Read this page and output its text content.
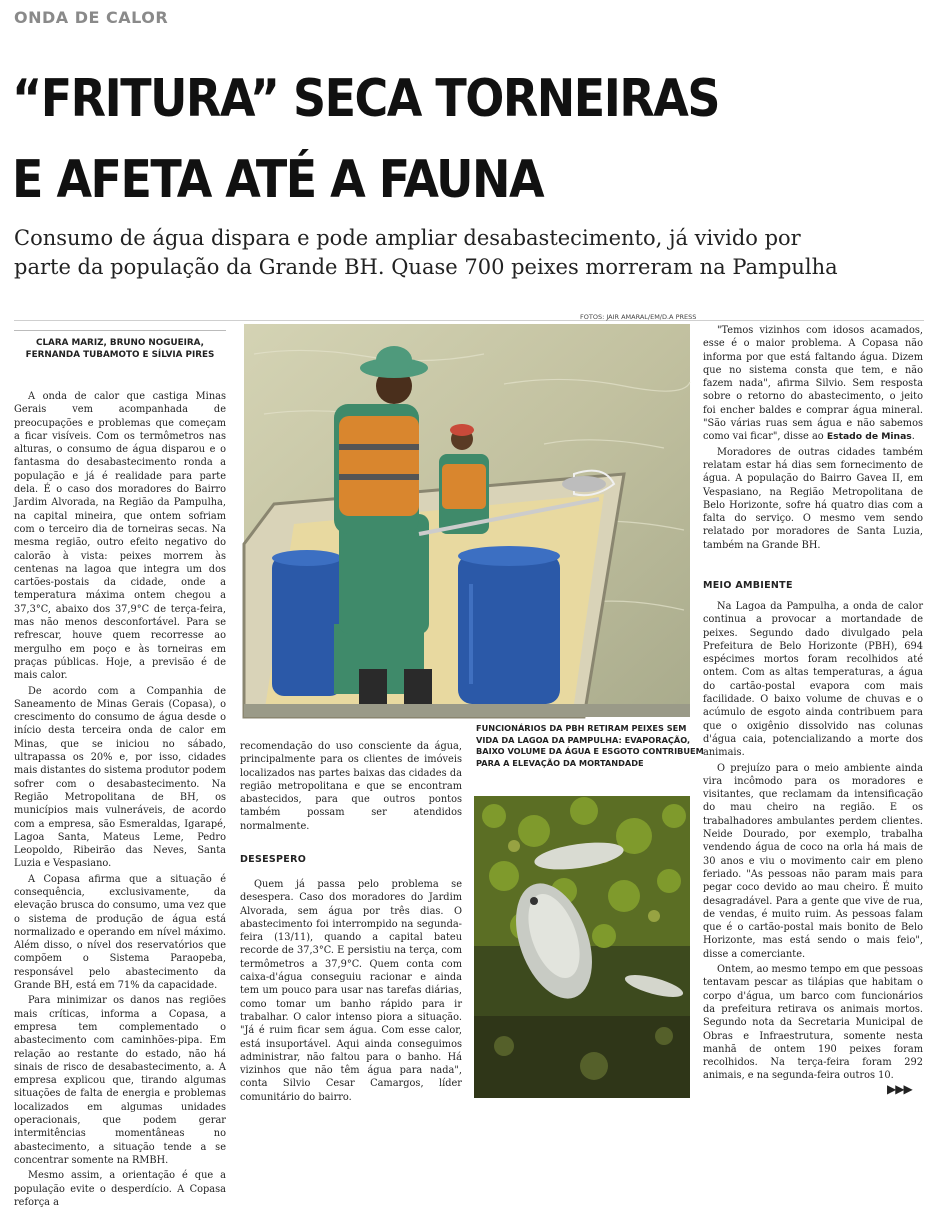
ONDA DE CALOR
“FRITURA” SECA TORNEIRAS
E AFETA ATÉ A FAUNA
Consumo de água dispara e pode ampliar desabastecimento, já vivido por
parte da população da Grande BH. Quase 700 peixes morreram na Pampulha
FOTOS: JAIR AMARAL/EM/D.A PRESS
CLARA MARIZ, BRUNO NOGUEIRA,
FERNANDA TUBAMOTO E SÍLVIA PIRES

A onda de calor que castiga Minas Gerais vem acompanhada de preocupações e problemas que começam a ficar visíveis. Com os termômetros nas alturas, o consumo de água disparou e o fantasma do desabastecimento ronda a população e já é realidade para parte dela. É o caso dos moradores do Bairro Jardim Alvorada, na Região da Pampulha, na capital mineira, que ontem sofriam com o terceiro dia de torneiras secas. Na mesma região, outro efeito negativo do calorão à vista: peixes morrem às centenas na lagoa que integra um dos cartões-postais da cidade, onde a temperatura máxima ontem chegou a 37,3°C, abaixo dos 37,9°C de terça-feira, mas não menos desconfortável. Para se refrescar, houve quem recorresse ao mergulho em poço e às torneiras em praças públicas. Hoje, a previsão é de mais calor.

De acordo com a Companhia de Saneamento de Minas Gerais (Copasa), o crescimento do consumo de água desde o início desta terceira onda de calor em Minas, que se iniciou no sábado, ultrapassa os 20% e, por isso, cidades mais distantes do sistema produtor podem sofrer com o desabastecimento. Na Região Metropolitana de BH, os municípios mais vulneráveis, de acordo com a empresa, são Esmeraldas, Igarapé, Lagoa Santa, Mateus Leme, Pedro Leopoldo, Ribeirão das Neves, Santa Luzia e Vespasiano.

A Copasa afirma que a situação é consequência, exclusivamente, da elevação brusca do consumo, uma vez que o sistema de produção de água está normalizado e operando em nível máximo. Além disso, o nível dos reservatórios que compõem o Sistema Paraopeba, responsável pelo abastecimento da Grande BH, está em 71% da capacidade.

Para minimizar os danos nas regiões mais críticas, informa a Copasa, a empresa tem complementado o abastecimento com caminhões-pipa. Em relação ao restante do estado, não há sinais de risco de desabastecimento, a. A empresa explicou que, tirando algumas situações de falta de energia e problemas localizados em algumas unidades operacionais, que podem gerar intermitências momentâneas no abastecimento, a situação tende a se concentrar somente na RMBH.

Mesmo assim, a orientação é que a população evite o desperdício. A Copasa reforça a

FUNCIONÁRIOS DA PBH RETIRAM PEIXES SEM
VIDA DA LAGOA DA PAMPULHA: EVAPORAÇÃO,
BAIXO VOLUME DA ÁGUA E ESGOTO CONTRIBUEM
PARA A ELEVAÇÃO DA MORTANDADE

recomendação do uso consciente da água, principalmente para os clientes de imóveis localizados nas partes baixas das cidades da região metropolitana e que se encontram abastecidos, para que outros pontos também possam ser atendidos normalmente.

DESESPERO

Quem já passa pelo problema se desespera. Caso dos moradores do Jardim Alvorada, sem água por três dias. O abastecimento foi interrompido na segunda-feira (13/11), quando a capital bateu recorde de 37,3°C. E persistiu na terça, com termômetros a 37,9°C. Quem conta com caixa-d'água conseguiu racionar e ainda tem um pouco para usar nas tarefas diárias, como tomar um banho rápido para ir trabalhar. O calor intenso piora a situação. "Já é ruim ficar sem água. Com esse calor, está insuportável. Aqui ainda conseguimos administrar, não faltou para o banho. Há vizinhos que não têm água para nada", conta Silvio Cesar Camargos, líder comunitário do bairro.

"Temos vizinhos com idosos acamados, esse é o maior problema. A Copasa não informa por que está faltando água. Dizem que no sistema consta que tem, e não fazem nada", afirma Silvio. Sem resposta sobre o retorno do abastecimento, o jeito foi encher baldes e comprar água mineral. "São várias ruas sem água e não sabemos como vai ficar", disse ao Estado de Minas.

Moradores de outras cidades também relatam estar há dias sem fornecimento de água. A população do Bairro Gavea II, em Vespasiano, na Região Metropolitana de Belo Horizonte, sofre há quatro dias com a falta do serviço. O mesmo vem sendo relatado por moradores de Santa Luzia, também na Grande BH.

MEIO AMBIENTE

Na Lagoa da Pampulha, a onda de calor continua a provocar a mortandade de peixes. Segundo dado divulgado pela Prefeitura de Belo Horizonte (PBH), 694 espécimes mortos foram recolhidos até ontem. Com as altas temperaturas, a água do cartão-postal evapora com mais facilidade. O baixo volume de chuvas e o acúmulo de esgoto ainda contribuem para que o oxigênio dissolvido nas colunas d'água caia, potencializando a morte dos animais.

O prejuízo para o meio ambiente ainda vira incômodo para os moradores e visitantes, que reclamam da intensificação do mau cheiro na região. E os trabalhadores ambulantes perdem clientes. Neide Dourado, por exemplo, trabalha vendendo água de coco na orla há mais de 30 anos e viu o movimento cair em pleno feriado. "As pessoas não param mais para pegar coco devido ao mau cheiro. É muito desagradável. Para a gente que vive de rua, de vendas, é muito ruim. As pessoas falam que é o cartão-postal mais bonito de Belo Horizonte, mas está sendo o mais feio", disse a comerciante.

Ontem, ao mesmo tempo em que pessoas tentavam pescar as tilápias que habitam o corpo d'água, um barco com funcionários da prefeitura retirava os animais mortos. Segundo nota da Secretaria Municipal de Obras e Infraestrutura, somente nesta manhã de ontem 190 peixes foram recolhidos. Na terça-feira foram 292 animais, e na segunda-feira outros 10.

▶▶▶
